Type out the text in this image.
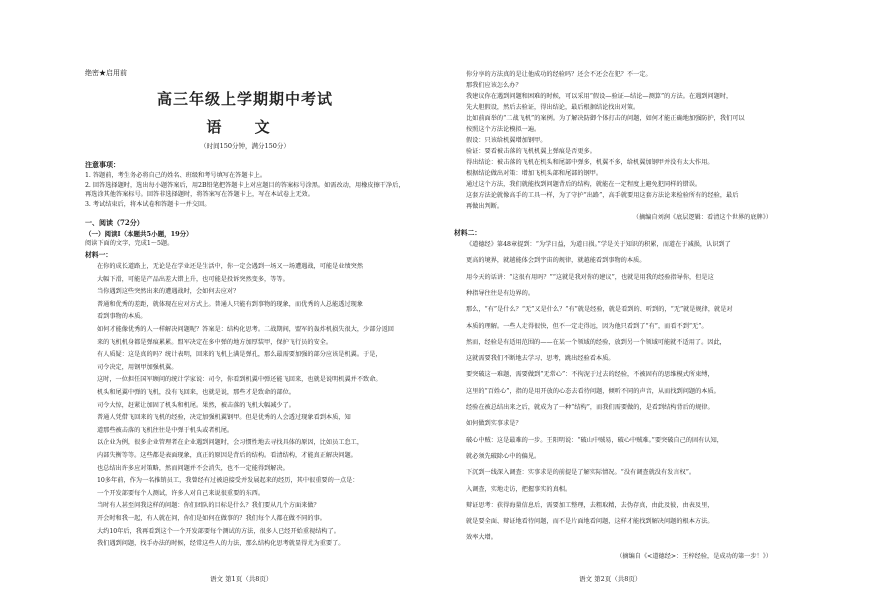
绝密★启用前
高三年级上学期期中考试
语 文
（时间150分钟，满分150分）
注意事项：
1. 答题前，考生务必将自己的姓名、班级和考号填写在答题卡上。
2. 回答选择题时，选出每小题答案后，用2B铅笔把答题卡上对应题目的答案标号涂黑。如需改动，用橡皮擦干净后，再选涂其他答案标号。回答非选择题时，将答案写在答题卡上，写在本试卷上无效。
3. 考试结束后，将本试卷和答题卡一并交回。
一、阅读（72分）
（一）阅读Ⅰ（本题共5小题，19分）
阅读下面的文字，完成1～5题。
材料一：
在你的成长道路上，无论是在学业还是生活中，你一定会遇到一场又一场遭遇战，可能是业绩突然
大幅下滑，可能是产品出差大错上升，也可能是投诉突然变多，等等。
当你遇到这些突然出来的遭遇战时，会如何去应对？
普通和优秀的差距，就体现在应对方式上。普通人只能有到事物的现象，而优秀的人总能透过现象
看到事物的本质。
如何才能像优秀的人一样解决问题呢？答案是：结构化思考。二战期间，盟军的轰炸机损失很大，少部分返回
来的飞机机身都是弹痕累累。盟军决定在多中弹的地方加厚装甲，保护飞行员的安全。
有人质疑：这是真的吗？统计表明，回来的飞机上满是弹孔，那么最需要加强的部分应该是机翼。于是，
司令决定，用钢甲加强机翼。
这时，一位担任国军顾问的统计学家说：司令，你看到机翼中弹还能飞回来，也就是说明机翼并不致命。
机头和尾翼中弹的飞机，没有飞回来，也就是说，那些才是致命的部位。
司令大惊，赶紧让加固了机头和机尾。果然，被击落的飞机大幅减少了。
普通人凭借飞回来的飞机的经验，决定加强机翼钢甲。但是优秀的人会透过现象看到本质，知
道那些被击落的飞机往往是中弹于机头或者机尾。
以企业为例，很多企业管理者在企业遇到问题时，会习惯性地去寻找具体的原因，比如员工怠工，
内部失衡等等。这些都是表面现象，真正的原因是背后的结构。看清结构，才能真正解决问题。
也总结出许多应对策略，然而问题并不会消失，也不一定能得到解决。
10多年前，作为一名推销员工，我曾经有过被迫接受并发展起来的经历，其中很重要的一点是：
一个开发部要每个人测试，许多人对自己来说很重要的东西。
当时有人甚至问我这样的问题：你们团队的目标是什么？我们要从几个方面来做？
开会时和我一起，有人就在问，你们是如何在做事的？我们每个人都在做不同的事。
大约10年后，我再看到这个一个开发部要每个测试的方法，很多人已经开始重视结构了。
我们遇到问题，找手办法的时候，经常这些人的力法，那么结构化思考就显得尤为重要了。
语文 第1页（共8页）
你分享的方法真的是让他成功的经验吗？还会不还会在犯？不一定。
那我们应该怎么办？
我建议你在遇到问题和困难的时候，可以采用“假设—验证—结论—测算”的方法。在遇到问题时，
先大胆假设，然后去验证，得出结论，最后根据结论找出对策。
比如前面举的“二战飞机”的案例。为了解决防御个体打击的问题，如何才能正确地加强防护，我们可以
按照这个方法论模拟一遍。
假设：只该给机翼增加钢甲。
验证：要看被击落的飞机机翼上弹痕是否更多。
得出结论：被击落的飞机在机头和尾部中弹多，机翼不多，给机翼加钢甲并没有太大作用。
根据结论做出对策：增加飞机头部和尾部的钢甲。
通过这个方法，我们就能找到问题背后的结构，就能在一定程度上避免犯同样的错误。
这套方法论就像高手的工具一样，为了守护“出路”，高手就要用这套方法论来检验所有的经验，最后
再做出判断。
（摘编自刘润《底层逻辑：看清这个世界的底牌》）
材料二：
《道德经》第48章提到：“为学日益，为道日损。”学是关于知识的积累，而道在于减损，认识到了
更高的境界，就越能体会到宇宙的规律，就越能看到事物的本质。
用今天的话讲：“这很有用吗？”“这就是我对你的建议”，也就是用我的经验指导你，但是这
种指导往往是有边界的。
那么，“有”是什么？“无”又是什么？“有”就是经验，就是看到的、听到的，“无”就是规律，就是对
本质的理解。一些人走得很快，但不一定走得远，因为他只看到了“有”，而看不到“无”。
然而，经验是有适用范围的——在某一个领域的经验，放到另一个领域可能就不适用了。因此，
这就需要我们不断地去学习、思考，跳出经验看本质。
要突破这一难题，需要做到“无常心”：不拘泥于过去的经验，不被固有的思维模式所束缚，
这里的“百姓心”，指的是用开放的心态去看待问题，倾听不同的声音，从而找到问题的本质。
经验在被总结出来之后，就成为了一种“结构”，而我们需要做的，是看到结构背后的规律。
如何做到实事求是？
破心中贼：这是最难的一步。王阳明说：“破山中贼易，破心中贼难。”要突破自己的固有认知，
就必须先破除心中的偏见。
下沉到一线深入调查：实事求是的前提是了解实际情况。“没有调查就没有发言权”。
入调查，实地走访，把握事实的真相。
辩证思考：获得海量信息后，需要加工整理，去粗取精，去伪存真，由此及彼，由表及里，
就是要全面、辩证地看待问题，而不是片面地看问题，这样才能找到解决问题的根本方法。
效率大增。
（摘编自《<道德经>：王梓经验，是成功的第一步！》）
语文 第2页（共8页）
